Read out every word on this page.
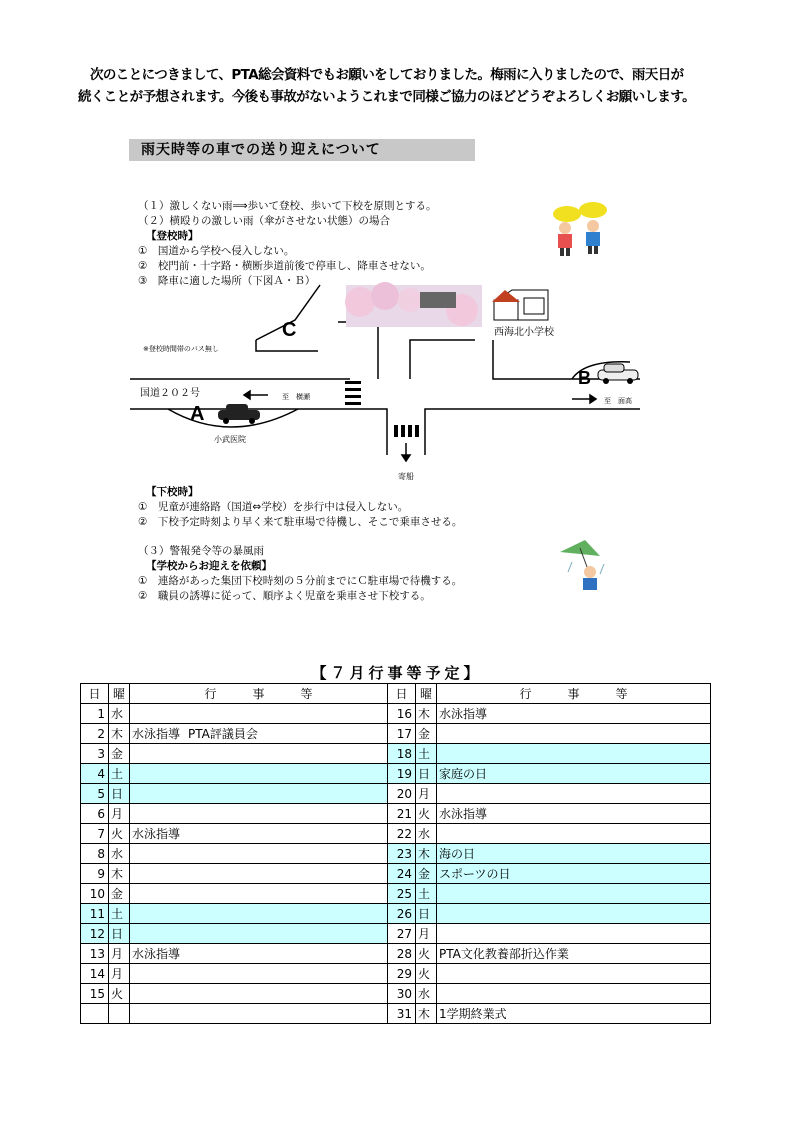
次のことにつきまして、PTA総会資料でもお願いをしておりました。梅雨に入りましたので、雨天日が

続くことが予想されます。今後も事故がないようこれまで同様ご協力のほどどうぞよろしくお願いします。

雨天時等の車での送り迎えについて
（１）激しくない雨⟹歩いて登校、歩いて下校を原則とする。
（２）横殴りの激しい雨（傘がさせない状態）の場合
【登校時】
①　国道から学校へ侵入しない。
②　校門前・十字路・横断歩道前後で停車し、降車させない。
③　降車に適した場所（下図Ａ・Ｂ）
C
A
B
西海北小学校
※登校時間帯のバス無し
国道２０２号	至　横瀬	至　面高
小武医院
寄船
【下校時】
①　児童が連絡路（国道⇔学校）を歩行中は侵入しない。
②　下校予定時刻より早く来て駐車場で待機し、そこで乗車させる。
（３）警報発令等の暴風雨
【学校からお迎えを依頼】
①　連絡があった集団下校時刻の５分前までにＣ駐車場で待機する。
②　職員の誘導に従って、順序よく児童を乗車させ下校する。
【７月行事等予定】
日	曜	行　　　事　　　等	日	曜	行　　　事　　　等
1	水		16	木	水泳指導
2	木	水泳指導 PTA評議員会	17	金	
3	金		18	土	
4	土		19	日	家庭の日
5	日		20	月	
6	月		21	火	水泳指導
7	火	水泳指導	22	水	
8	水		23	木	海の日
9	木		24	金	スポーツの日
10	金		25	土	
11	土		26	日	
12	日		27	月	
13	月	水泳指導	28	火	PTA文化教養部折込作業
14	月		29	火	
15	火		30	水	
			31	木	1学期終業式
